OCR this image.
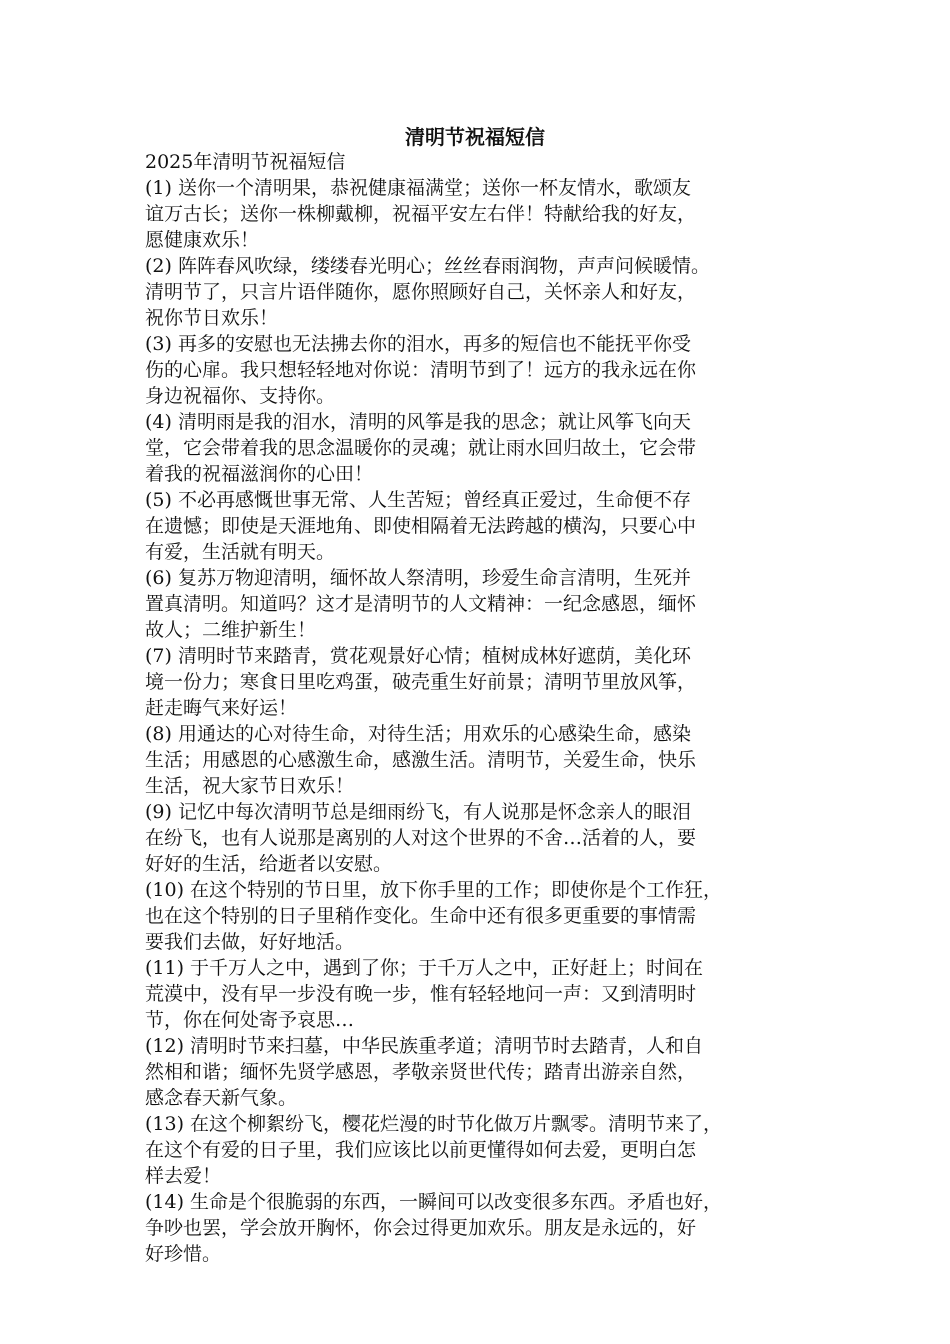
清明节祝福短信
2025年清明节祝福短信
(1) 送你一个清明果，恭祝健康福满堂；送你一杯友情水，歌颂友
谊万古长；送你一株柳戴柳，祝福平安左右伴！特献给我的好友，
愿健康欢乐！
(2) 阵阵春风吹绿，缕缕春光明心；丝丝春雨润物，声声问候暖情。
清明节了，只言片语伴随你，愿你照顾好自己，关怀亲人和好友，
祝你节日欢乐！
(3) 再多的安慰也无法拂去你的泪水，再多的短信也不能抚平你受
伤的心扉。我只想轻轻地对你说：清明节到了！远方的我永远在你
身边祝福你、支持你。
(4) 清明雨是我的泪水，清明的风筝是我的思念；就让风筝飞向天
堂，它会带着我的思念温暖你的灵魂；就让雨水回归故土，它会带
着我的祝福滋润你的心田！
(5) 不必再感慨世事无常、人生苦短；曾经真正爱过，生命便不存
在遗憾；即使是天涯地角、即使相隔着无法跨越的横沟，只要心中
有爱，生活就有明天。
(6) 复苏万物迎清明，缅怀故人祭清明，珍爱生命言清明，生死并
置真清明。知道吗？这才是清明节的人文精神：一纪念感恩，缅怀
故人；二维护新生！
(7) 清明时节来踏青，赏花观景好心情；植树成林好遮荫，美化环
境一份力；寒食日里吃鸡蛋，破壳重生好前景；清明节里放风筝，
赶走晦气来好运！
(8) 用通达的心对待生命，对待生活；用欢乐的心感染生命，感染
生活；用感恩的心感激生命，感激生活。清明节，关爱生命，快乐
生活，祝大家节日欢乐！
(9) 记忆中每次清明节总是细雨纷飞，有人说那是怀念亲人的眼泪
在纷飞，也有人说那是离别的人对这个世界的不舍…活着的人，要
好好的生活，给逝者以安慰。
(10) 在这个特别的节日里，放下你手里的工作；即使你是个工作狂，
也在这个特别的日子里稍作变化。生命中还有很多更重要的事情需
要我们去做，好好地活。
(11) 于千万人之中，遇到了你；于千万人之中，正好赶上；时间在
荒漠中，没有早一步没有晚一步，惟有轻轻地问一声：又到清明时
节，你在何处寄予哀思…
(12) 清明时节来扫墓，中华民族重孝道；清明节时去踏青，人和自
然相和谐；缅怀先贤学感恩，孝敬亲贤世代传；踏青出游亲自然，
感念春天新气象。
(13) 在这个柳絮纷飞，樱花烂漫的时节化做万片飘零。清明节来了，
在这个有爱的日子里，我们应该比以前更懂得如何去爱，更明白怎
样去爱！
(14) 生命是个很脆弱的东西，一瞬间可以改变很多东西。矛盾也好，
争吵也罢，学会放开胸怀，你会过得更加欢乐。朋友是永远的，好
好珍惜。
